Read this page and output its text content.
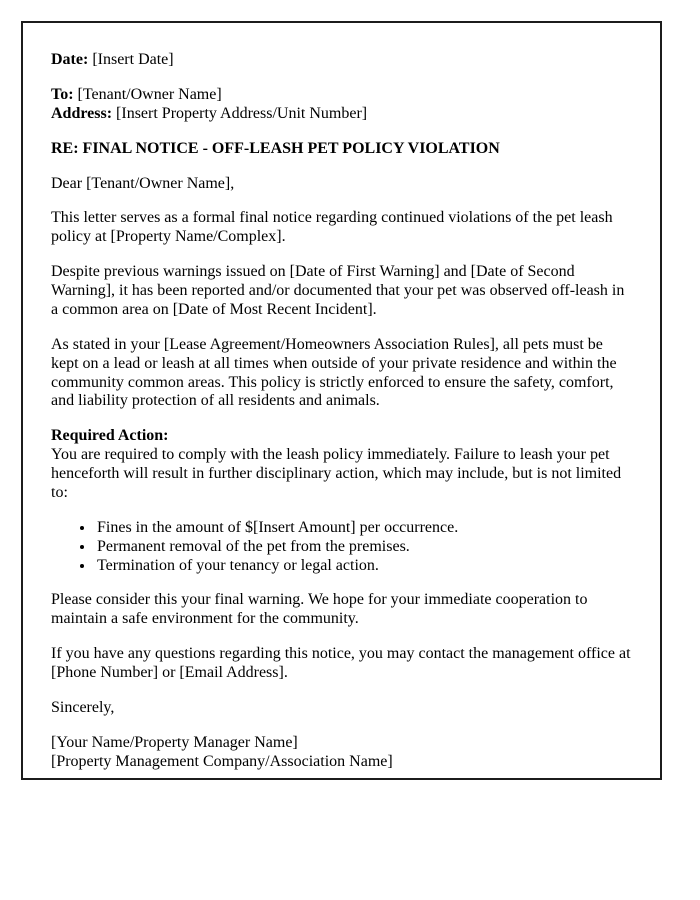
Date: [Insert Date]

To: [Tenant/Owner Name]
Address: [Insert Property Address/Unit Number]

RE: FINAL NOTICE - OFF-LEASH PET POLICY VIOLATION

Dear [Tenant/Owner Name],

This letter serves as a formal final notice regarding continued violations of the pet leash policy at [Property Name/Complex].

Despite previous warnings issued on [Date of First Warning] and [Date of Second Warning], it has been reported and/or documented that your pet was observed off-leash in a common area on [Date of Most Recent Incident].

As stated in your [Lease Agreement/Homeowners Association Rules], all pets must be kept on a lead or leash at all times when outside of your private residence and within the community common areas. This policy is strictly enforced to ensure the safety, comfort, and liability protection of all residents and animals.

Required Action:
You are required to comply with the leash policy immediately. Failure to leash your pet henceforth will result in further disciplinary action, which may include, but is not limited to:

• Fines in the amount of $[Insert Amount] per occurrence.
• Permanent removal of the pet from the premises.
• Termination of your tenancy or legal action.

Please consider this your final warning. We hope for your immediate cooperation to maintain a safe environment for the community.

If you have any questions regarding this notice, you may contact the management office at [Phone Number] or [Email Address].

Sincerely,

[Your Name/Property Manager Name]
[Property Management Company/Association Name]
